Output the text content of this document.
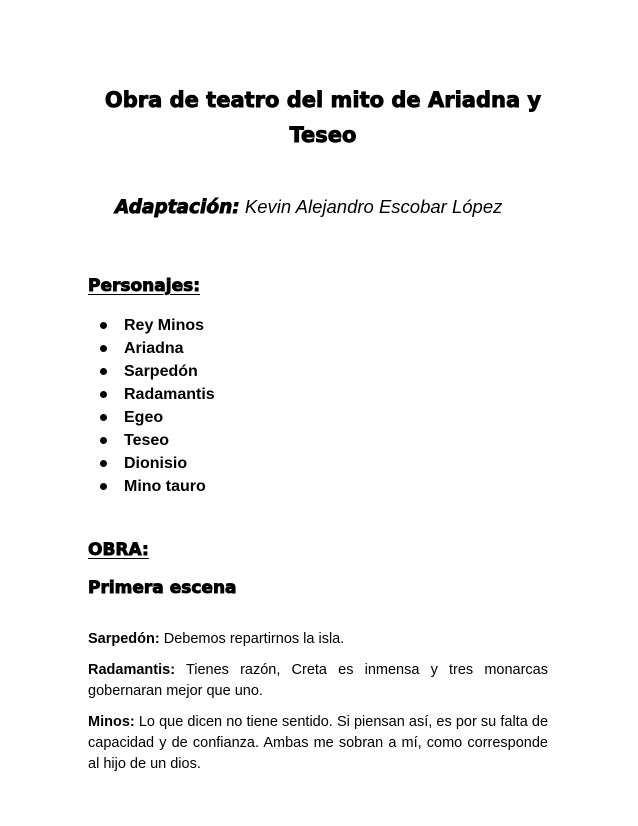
Obra de teatro del mito de Ariadna y
Teseo
Adaptación: Kevin Alejandro Escobar López
Personajes:
Rey Minos
Ariadna
Sarpedón
Radamantis
Egeo
Teseo
Dionisio
Mino tauro
OBRA:
Primera escena

Sarpedón: Debemos repartirnos la isla.

Radamantis: Tienes razón, Creta es inmensa y tres monarcas gobernaran mejor que uno.

Minos: Lo que dicen no tiene sentido. Si piensan así, es por su falta de capacidad y de confianza. Ambas me sobran a mí, como corresponde al hijo de un dios.
